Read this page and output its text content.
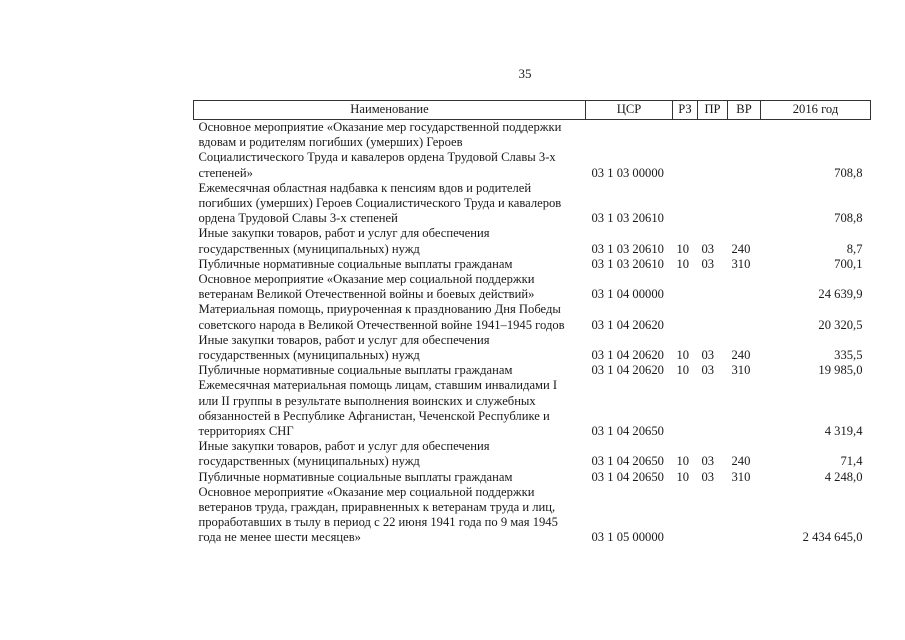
35
Наименование	ЦСР	РЗ	ПР	ВР	2016 год

Основное мероприятие «Оказание мер государственной поддержки
вдовам и родителям погибших (умерших) Героев
Социалистического Труда и кавалеров ордена Трудовой Славы 3-х
степеней»	03 1 03 00000				708,8

Ежемесячная областная надбавка к пенсиям вдов и родителей
погибших (умерших) Героев Социалистического Труда и кавалеров
ордена Трудовой Славы 3-х степеней	03 1 03 20610				708,8

Иные закупки товаров, работ и услуг для обеспечения
государственных (муниципальных) нужд	03 1 03 20610	10	03	240	8,7

Публичные нормативные социальные выплаты гражданам	03 1 03 20610	10	03	310	700,1

Основное мероприятие «Оказание мер социальной поддержки
ветеранам Великой Отечественной войны и боевых действий»	03 1 04 00000				24 639,9

Материальная помощь, приуроченная к празднованию Дня Победы
советского народа в Великой Отечественной войне 1941–1945 годов	03 1 04 20620				20 320,5

Иные закупки товаров, работ и услуг для обеспечения
государственных (муниципальных) нужд	03 1 04 20620	10	03	240	335,5

Публичные нормативные социальные выплаты гражданам	03 1 04 20620	10	03	310	19 985,0

Ежемесячная материальная помощь лицам, ставшим инвалидами I
или II группы в результате выполнения воинских и служебных
обязанностей в Республике Афганистан, Чеченской Республике и
территориях СНГ	03 1 04 20650				4 319,4

Иные закупки товаров, работ и услуг для обеспечения
государственных (муниципальных) нужд	03 1 04 20650	10	03	240	71,4

Публичные нормативные социальные выплаты гражданам	03 1 04 20650	10	03	310	4 248,0

Основное мероприятие «Оказание мер социальной поддержки
ветеранов труда, граждан, приравненных к ветеранам труда и лиц,
проработавших в тылу в период с 22 июня 1941 года по 9 мая 1945
года не менее шести месяцев»	03 1 05 00000				2 434 645,0
